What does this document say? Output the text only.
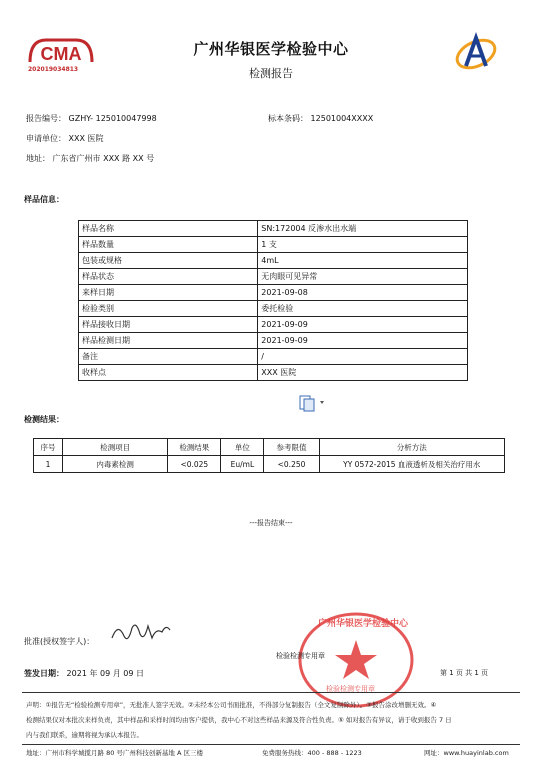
CMA
202019034813
广州华银医学检验中心
检测报告
报告编号： GZHY- 125010047998	标本条码： 12501004XXXX
申请单位： XXX 医院
地址： 广东省广州市 XXX 路 XX 号
样品信息：
样品名称	SN:172004 反渗水出水端
样品数量	1 支
包装或规格	4mL
样品状态	无肉眼可见异常
来样日期	2021-09-08
检验类别	委托检验
样品接收日期	2021-09-09
样品检测日期	2021-09-09
备注	/
收样点	XXX 医院
检测结果：
序号	检测项目	检测结果	单位	参考限值	分析方法
1	内毒素检测	<0.025	Eu/mL	<0.250	YY 0572-2015 血液透析及相关治疗用水
---报告结束---
批准(授权签字人)：
广州华银医学检验中心
检验检测专用章
检验检测专用章
第 1 页 共 1 页
签发日期： 2021 年 09 月 09 日
声明：①报告无“检验检测专用章”，无批准人签字无效。②未经本公司书面批准，不得部分复制报告（全文复制除外）。③报告涂改增删无效。④
检测结果仅对本批次来样负责，其中样品和采样时间均由客户提供，我中心不对这些样品来源及符合性负责。⑤ 如对报告有异议，请于收到报告 7 日
内与我们联系，逾期将视为承认本报告。
地址：广州市科学城揽月路 80 号广州科技创新基地 A 区三楼	免费服务热线：400 - 888 - 1223	网址：www.huayinlab.com
